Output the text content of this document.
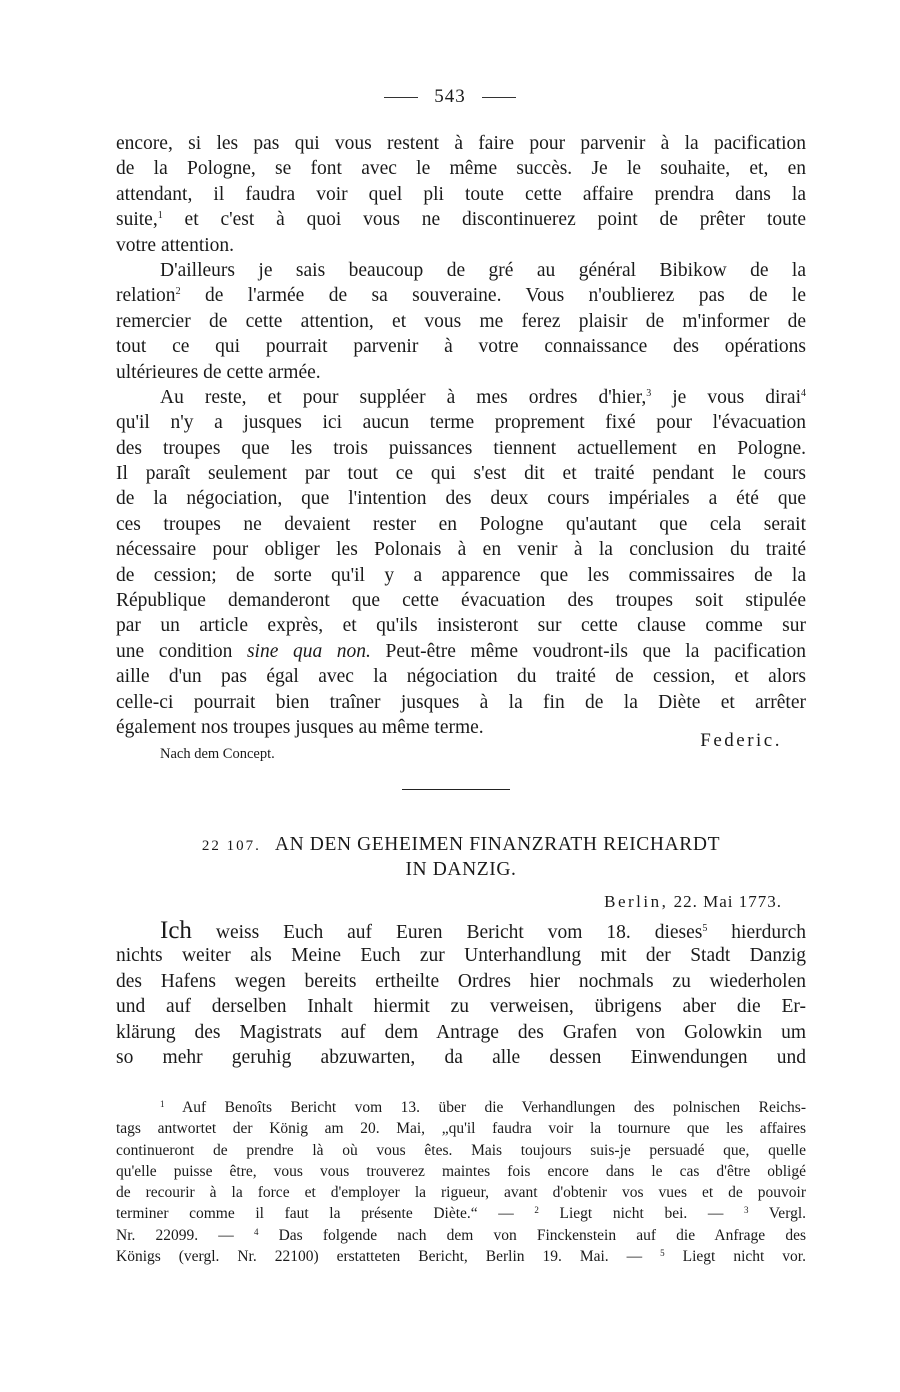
543
encore, si les pas qui vous restent à faire pour parvenir à la pacification
de la Pologne, se font avec le même succès. Je le souhaite, et, en
attendant, il faudra voir quel pli toute cette affaire prendra dans la
suite,$^1$ et c'est à quoi vous ne discontinuerez point de prêter toute
votre attention.
D'ailleurs je sais beaucoup de gré au général Bibikow de la
relation$^2$ de l'armée de sa souveraine. Vous n'oublierez pas de le
remercier de cette attention, et vous me ferez plaisir de m'informer de
tout ce qui pourrait parvenir à votre connaissance des opérations
ultérieures de cette armée.
Au reste, et pour suppléer à mes ordres d'hier,$^3$ je vous dirai$^4$
qu'il n'y a jusques ici aucun terme proprement fixé pour l'évacuation
des troupes que les trois puissances tiennent actuellement en Pologne.
Il paraît seulement par tout ce qui s'est dit et traité pendant le cours
de la négociation, que l'intention des deux cours impériales a été que
ces troupes ne devaient rester en Pologne qu'autant que cela serait
nécessaire pour obliger les Polonais à en venir à la conclusion du traité
de cession; de sorte qu'il y a apparence que les commissaires de la
République demanderont que cette évacuation des troupes soit stipulée
par un article exprès, et qu'ils insisteront sur cette clause comme sur
une condition sine qua non. Peut-être même voudront-ils que la pacification
aille d'un pas égal avec la négociation du traité de cession, et alors
celle-ci pourrait bien traîner jusques à la fin de la Diète et arrêter
également nos troupes jusques au même terme.
Federic.
Nach dem Concept.
22 107. AN DEN GEHEIMEN FINANZRATH REICHARDT
IN DANZIG.
Berlin, 22. Mai 1773.
Ich weiss Euch auf Euren Bericht vom 18. dieses$^5$ hierdurch
nichts weiter als Meine Euch zur Unterhandlung mit der Stadt Danzig
des Hafens wegen bereits ertheilte Ordres hier nochmals zu wiederholen
und auf derselben Inhalt hiermit zu verweisen, übrigens aber die Er-
klärung des Magistrats auf dem Antrage des Grafen von Golowkin um
so mehr geruhig abzuwarten, da alle dessen Einwendungen und
$^1$ Auf Benoîts Bericht vom 13. über die Verhandlungen des polnischen Reichs-
tags antwortet der König am 20. Mai, „qu'il faudra voir la tournure que les affaires
continueront de prendre là où vous êtes. Mais toujours suis-je persuadé que, quelle
qu'elle puisse être, vous vous trouverez maintes fois encore dans le cas d'être obligé
de recourir à la force et d'employer la rigueur, avant d'obtenir vos vues et de pouvoir
terminer comme il faut la présente Diète.“ — $^2$ Liegt nicht bei. — $^3$ Vergl.
Nr. 22099. — $^4$ Das folgende nach dem von Finckenstein auf die Anfrage des
Königs (vergl. Nr. 22100) erstatteten Bericht, Berlin 19. Mai. — $^5$ Liegt nicht vor.
